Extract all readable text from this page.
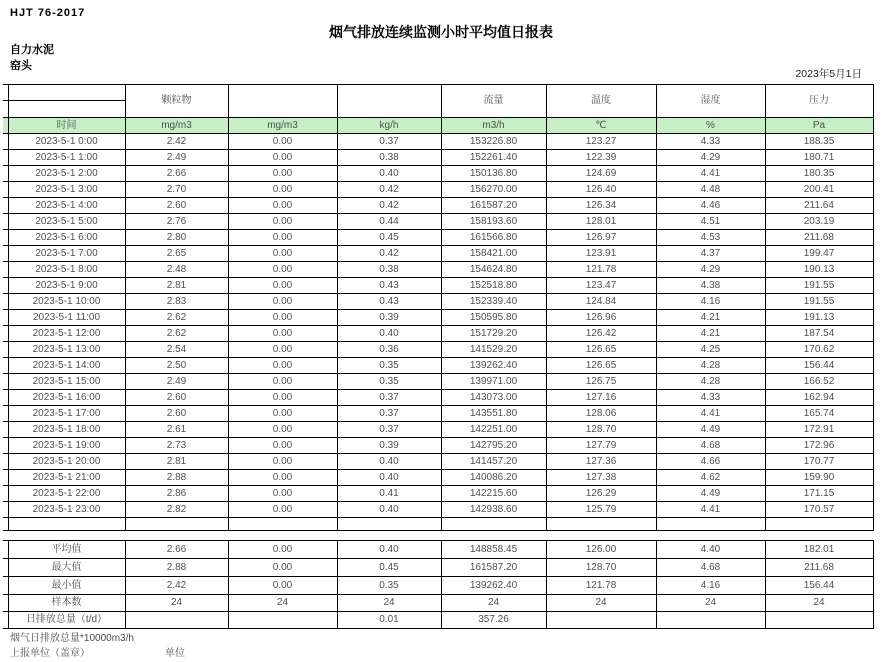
HJT 76-2017
烟气排放连续监测小时平均值日报表
自力水泥
窑头
2023年5月1日
		颗粒物			流量	温度	湿度	压力

	时间	mg/m3	mg/m3	kg/h	m3/h	℃	%	Pa
	2023-5-1 0:00	2.42	0.00	0.37	153226.80	123.27	4.33	188.35
	2023-5-1 1:00	2.49	0.00	0.38	152261.40	122.39	4.29	180.71
	2023-5-1 2:00	2.66	0.00	0.40	150136.80	124.69	4.41	180.35
	2023-5-1 3:00	2.70	0.00	0.42	156270.00	126.40	4.48	200.41
	2023-5-1 4:00	2.60	0.00	0.42	161587.20	126.34	4.46	211.64
	2023-5-1 5:00	2.76	0.00	0.44	158193.60	128.01	4.51	203.19
	2023-5-1 6:00	2.80	0.00	0.45	161566.80	126.97	4.53	211.68
	2023-5-1 7:00	2.65	0.00	0.42	158421.00	123.91	4.37	199.47
	2023-5-1 8:00	2.48	0.00	0.38	154624.80	121.78	4.29	190.13
	2023-5-1 9:00	2.81	0.00	0.43	152518.80	123.47	4.38	191.55
	2023-5-1 10:00	2.83	0.00	0.43	152339.40	124.84	4.16	191.55
	2023-5-1 11:00	2.62	0.00	0.39	150595.80	126.96	4.21	191.13
	2023-5-1 12:00	2.62	0.00	0.40	151729.20	126.42	4.21	187.54
	2023-5-1 13:00	2.54	0.00	0.36	141529.20	126.65	4.25	170.62
	2023-5-1 14:00	2.50	0.00	0.35	139262.40	126.65	4.28	156.44
	2023-5-1 15:00	2.49	0.00	0.35	139971.00	126.75	4.28	166.52
	2023-5-1 16:00	2.60	0.00	0.37	143073.00	127.16	4.33	162.94
	2023-5-1 17:00	2.60	0.00	0.37	143551.80	128.06	4.41	165.74
	2023-5-1 18:00	2.61	0.00	0.37	142251.00	128.70	4.49	172.91
	2023-5-1 19:00	2.73	0.00	0.39	142795.20	127.79	4.68	172.96
	2023-5-1 20:00	2.81	0.00	0.40	141457.20	127.36	4.66	170.77
	2023-5-1 21:00	2.88	0.00	0.40	140086.20	127.38	4.62	159.90
	2023-5-1 22:00	2.86	0.00	0.41	142215.60	126.29	4.49	171.15
	2023-5-1 23:00	2.82	0.00	0.40	142938.60	125.79	4.41	170.57

	平均值	2.66	0.00	0.40	148858.45	126.00	4.40	182.01
	最大值	2.88	0.00	0.45	161587.20	128.70	4.68	211.68
	最小值	2.42	0.00	0.35	139262.40	121.78	4.16	156.44
	样本数	24	24	24	24	24	24	24
	日排放总量（t/d）			0.01	357.26			
烟气日排放总量*10000m3/h
上报单位（盖章）	单位
